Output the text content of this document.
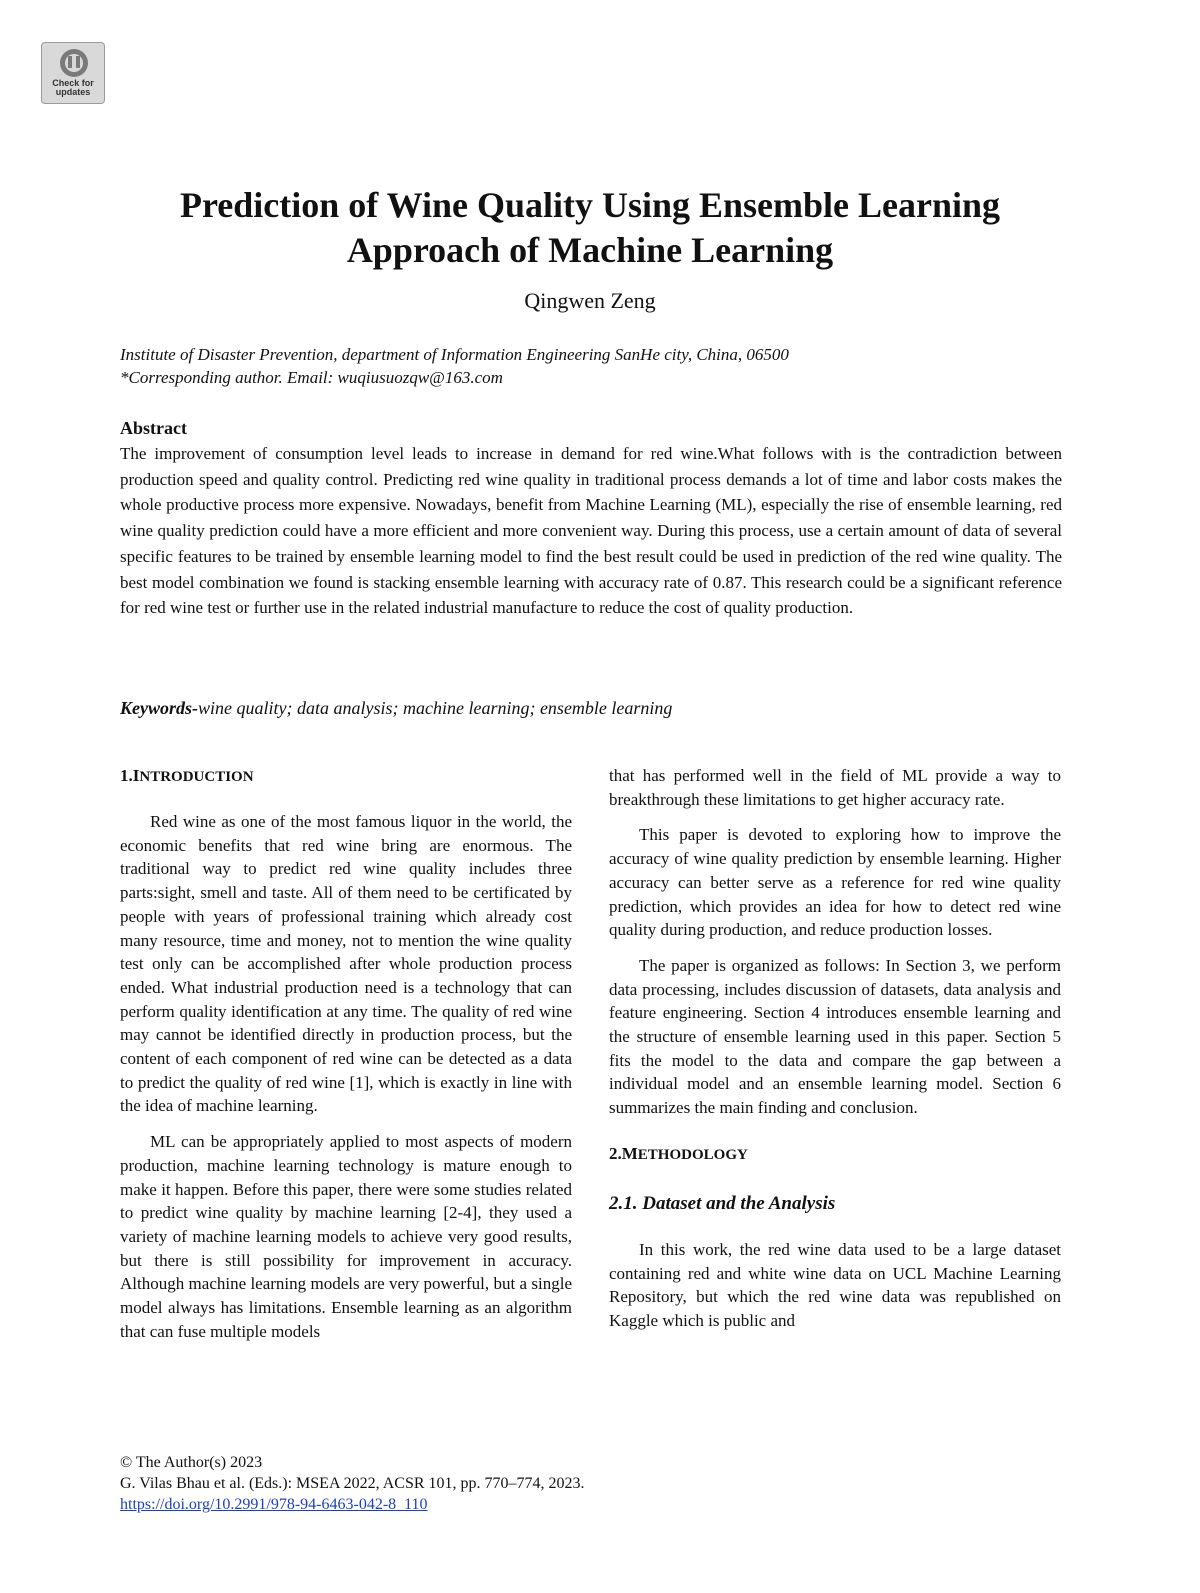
Check for updates
Prediction of Wine Quality Using Ensemble Learning
Approach of Machine Learning

Qingwen Zeng

Institute of Disaster Prevention, department of Information Engineering SanHe city, China, 06500
*Corresponding author. Email: wuqiusuozqw@163.com
Abstract

The improvement of consumption level leads to increase in demand for red wine.What follows with is the contradiction between production speed and quality control. Predicting red wine quality in traditional process demands a lot of time and labor costs makes the whole productive process more expensive. Nowadays, benefit from Machine Learning (ML), especially the rise of ensemble learning, red wine quality prediction could have a more efficient and more convenient way. During this process, use a certain amount of data of several specific features to be trained by ensemble learning model to find the best result could be used in prediction of the red wine quality. The best model combination we found is stacking ensemble learning with accuracy rate of 0.87. This research could be a significant reference for red wine test or further use in the related industrial manufacture to reduce the cost of quality production.

Keywords-wine quality; data analysis; machine learning; ensemble learning

1.INTRODUCTION

Red wine as one of the most famous liquor in the world, the economic benefits that red wine bring are enormous. The traditional way to predict red wine quality includes three parts:sight, smell and taste. All of them need to be certificated by people with years of professional training which already cost many resource, time and money, not to mention the wine quality test only can be accomplished after whole production process ended. What industrial production need is a technology that can perform quality identification at any time. The quality of red wine may cannot be identified directly in production process, but the content of each component of red wine can be detected as a data to predict the quality of red wine [1], which is exactly in line with the idea of machine learning.

ML can be appropriately applied to most aspects of modern production, machine learning technology is mature enough to make it happen. Before this paper, there were some studies related to predict wine quality by machine learning [2-4], they used a variety of machine learning models to achieve very good results, but there is still possibility for improvement in accuracy. Although machine learning models are very powerful, but a single model always has limitations. Ensemble learning as an algorithm that can fuse multiple models

that has performed well in the field of ML provide a way to breakthrough these limitations to get higher accuracy rate.

This paper is devoted to exploring how to improve the accuracy of wine quality prediction by ensemble learning. Higher accuracy can better serve as a reference for red wine quality prediction, which provides an idea for how to detect red wine quality during production, and reduce production losses.

The paper is organized as follows: In Section 3, we perform data processing, includes discussion of datasets, data analysis and feature engineering. Section 4 introduces ensemble learning and the structure of ensemble learning used in this paper. Section 5 fits the model to the data and compare the gap between a individual model and an ensemble learning model. Section 6 summarizes the main finding and conclusion.

2.METHODOLOGY

2.1. Dataset and the Analysis

In this work, the red wine data used to be a large dataset containing red and white wine data on UCL Machine Learning Repository, but which the red wine data was republished on Kaggle which is public and

© The Author(s) 2023
G. Vilas Bhau et al. (Eds.): MSEA 2022, ACSR 101, pp. 770–774, 2023.
https://doi.org/10.2991/978-94-6463-042-8_110
